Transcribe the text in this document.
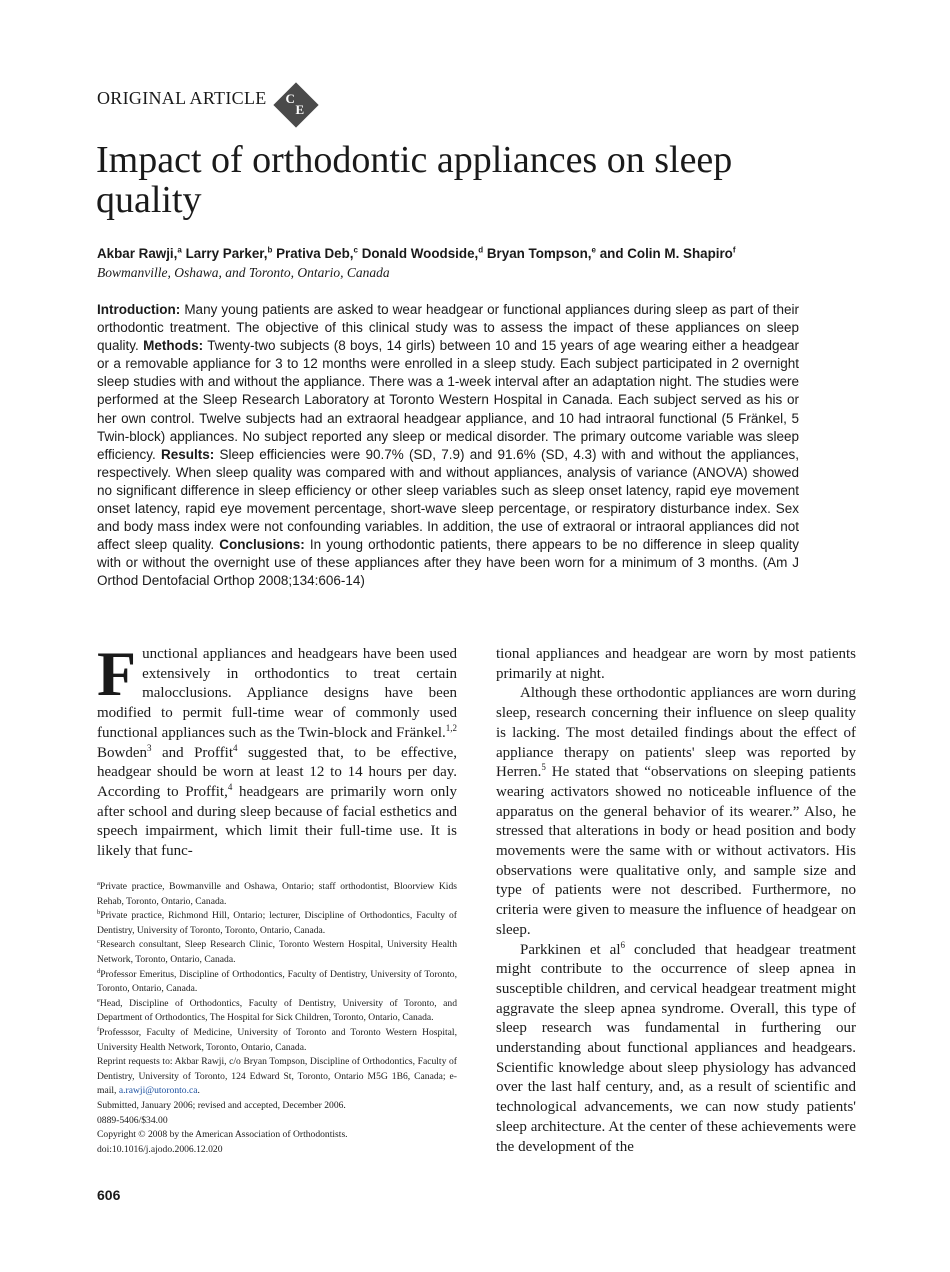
ORIGINAL ARTICLE C
E
Impact of orthodontic appliances on sleep quality
Akbar Rawji,$^a$ Larry Parker,$^b$ Prativa Deb,$^c$ Donald Woodside,$^d$ Bryan Tompson,$^e$ and Colin M. Shapiro$^f$
Bowmanville, Oshawa, and Toronto, Ontario, Canada

Introduction: Many young patients are asked to wear headgear or functional appliances during sleep as part of their orthodontic treatment. The objective of this clinical study was to assess the impact of these appliances on sleep quality. Methods: Twenty-two subjects (8 boys, 14 girls) between 10 and 15 years of age wearing either a headgear or a removable appliance for 3 to 12 months were enrolled in a sleep study. Each subject participated in 2 overnight sleep studies with and without the appliance. There was a 1-week interval after an adaptation night. The studies were performed at the Sleep Research Laboratory at Toronto Western Hospital in Canada. Each subject served as his or her own control. Twelve subjects had an extraoral headgear appliance, and 10 had intraoral functional (5 Fränkel, 5 Twin-block) appliances. No subject reported any sleep or medical disorder. The primary outcome variable was sleep efficiency. Results: Sleep efficiencies were 90.7% (SD, 7.9) and 91.6% (SD, 4.3) with and without the appliances, respectively. When sleep quality was compared with and without appliances, analysis of variance (ANOVA) showed no significant difference in sleep efficiency or other sleep variables such as sleep onset latency, rapid eye movement onset latency, rapid eye movement percentage, short-wave sleep percentage, or respiratory disturbance index. Sex and body mass index were not confounding variables. In addition, the use of extraoral or intraoral appliances did not affect sleep quality. Conclusions: In young orthodontic patients, there appears to be no difference in sleep quality with or without the overnight use of these appliances after they have been worn for a minimum of 3 months. (Am J Orthod Dentofacial Orthop 2008;134:606-14)

Functional appliances and headgears have been used extensively in orthodontics to treat certain malocclusions. Appliance designs have been modified to permit full-time wear of commonly used functional appliances such as the Twin-block and Fränkel.$^{1,2}$ Bowden$^3$ and Proffit$^4$ suggested that, to be effective, headgear should be worn at least 12 to 14 hours per day. According to Proffit,$^4$ headgears are primarily worn only after school and during sleep because of facial esthetics and speech impairment, which limit their full-time use. It is likely that func-

tional appliances and headgear are worn by most patients primarily at night.

Although these orthodontic appliances are worn during sleep, research concerning their influence on sleep quality is lacking. The most detailed findings about the effect of appliance therapy on patients' sleep was reported by Herren.$^5$ He stated that “observations on sleeping patients wearing activators showed no noticeable influence of the apparatus on the general behavior of its wearer.” Also, he stressed that alterations in body or head position and body movements were the same with or without activators. His observations were qualitative only, and sample size and type of patients were not described. Furthermore, no criteria were given to measure the influence of headgear on sleep.

Parkkinen et al$^6$ concluded that headgear treatment might contribute to the occurrence of sleep apnea in susceptible children, and cervical headgear treatment might aggravate the sleep apnea syndrome. Overall, this type of sleep research was fundamental in furthering our understanding about functional appliances and headgears. Scientific knowledge about sleep physiology has advanced over the last half century, and, as a result of scientific and technological advancements, we can now study patients' sleep architecture. At the center of these achievements were the development of the

$^a$Private practice, Bowmanville and Oshawa, Ontario; staff orthodontist, Bloorview Kids Rehab, Toronto, Ontario, Canada.

$^b$Private practice, Richmond Hill, Ontario; lecturer, Discipline of Orthodontics, Faculty of Dentistry, University of Toronto, Toronto, Ontario, Canada.

$^c$Research consultant, Sleep Research Clinic, Toronto Western Hospital, University Health Network, Toronto, Ontario, Canada.

$^d$Professor Emeritus, Discipline of Orthodontics, Faculty of Dentistry, University of Toronto, Toronto, Ontario, Canada.

$^e$Head, Discipline of Orthodontics, Faculty of Dentistry, University of Toronto, and Department of Orthodontics, The Hospital for Sick Children, Toronto, Ontario, Canada.

$^f$Professsor, Faculty of Medicine, University of Toronto and Toronto Western Hospital, University Health Network, Toronto, Ontario, Canada.

Reprint requests to: Akbar Rawji, c/o Bryan Tompson, Discipline of Orthodontics, Faculty of Dentistry, University of Toronto, 124 Edward St, Toronto, Ontario M5G 1B6, Canada; e-mail, a.rawji@utoronto.ca.

Submitted, January 2006; revised and accepted, December 2006.

0889-5406/$34.00

Copyright © 2008 by the American Association of Orthodontists.

doi:10.1016/j.ajodo.2006.12.020

606
